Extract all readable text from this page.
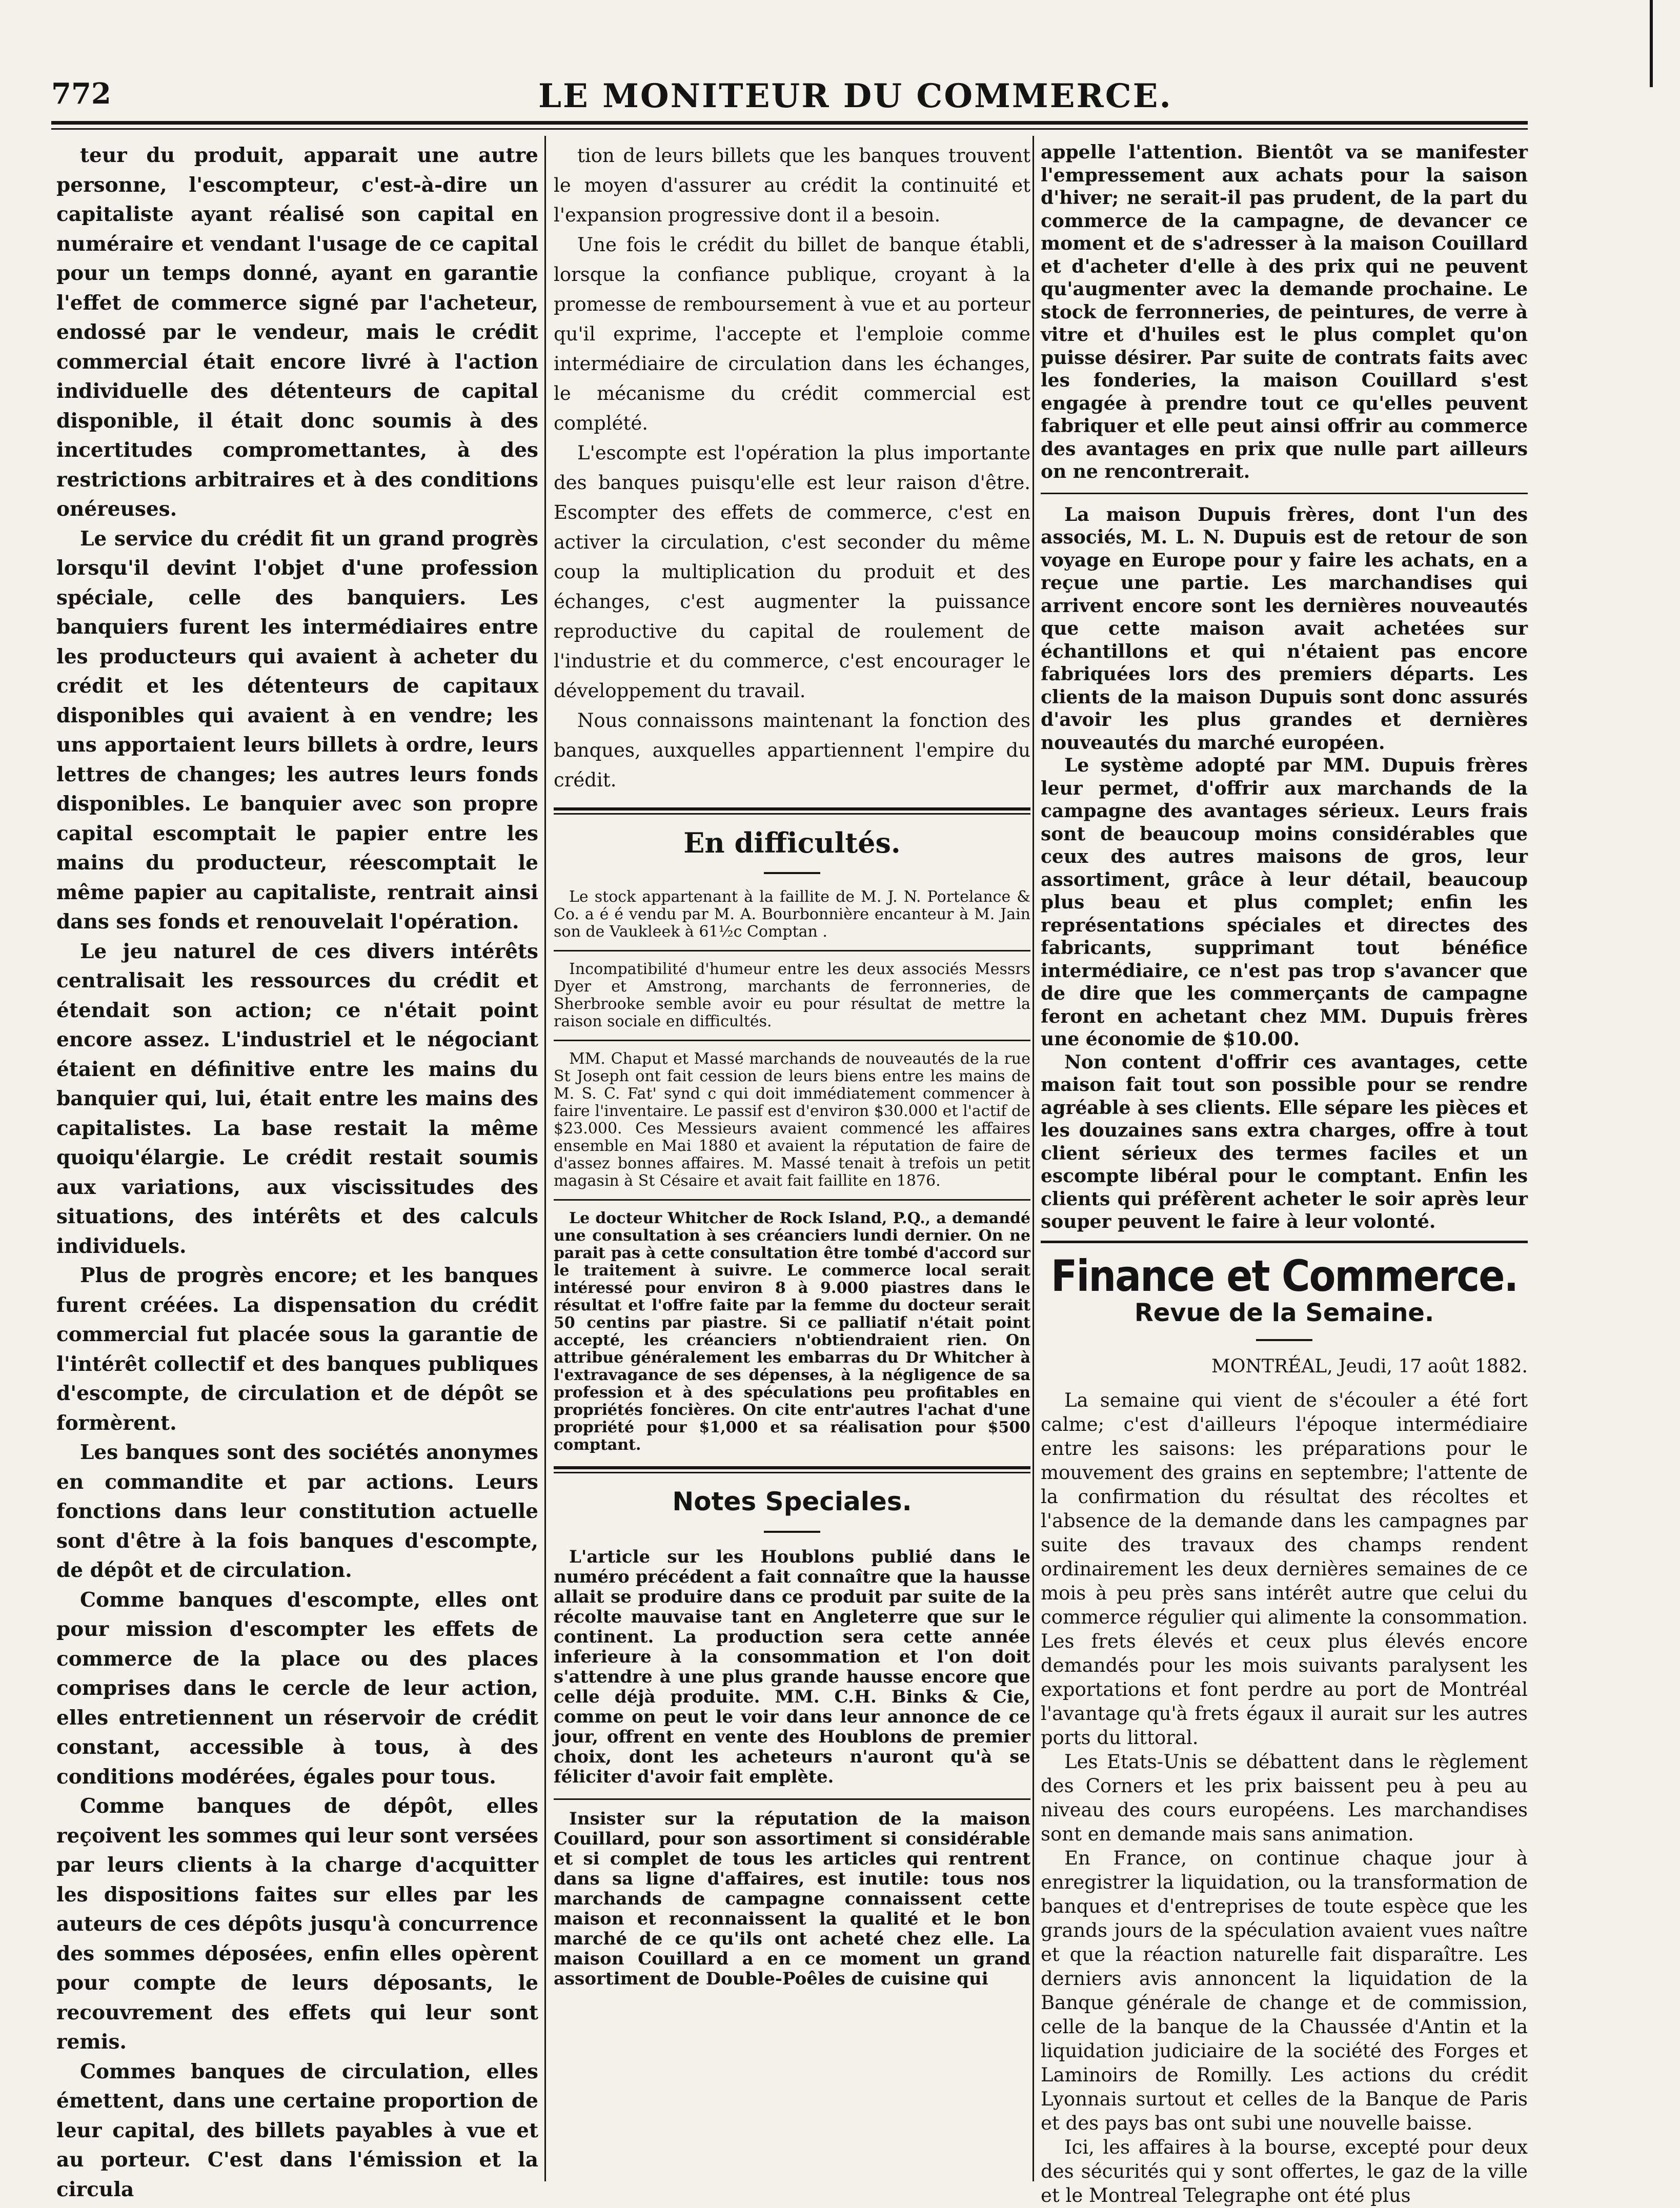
772	LE MONITEUR DU COMMERCE.

teur du produit, apparait une autre personne, l'escompteur, c'est-à-dire un capitaliste ayant réalisé son capital en numéraire et vendant l'usage de ce capital pour un temps donné, ayant en garantie l'effet de commerce signé par l'acheteur, endossé par le vendeur, mais le crédit commercial était encore livré à l'action individuelle des détenteurs de capital disponible, il était donc soumis à des incertitudes compromettantes, à des restrictions arbitraires et à des conditions onéreuses.

Le service du crédit fit un grand progrès lorsqu'il devint l'objet d'une profession spéciale, celle des banquiers. Les banquiers furent les intermédiaires entre les producteurs qui avaient à acheter du crédit et les détenteurs de capitaux disponibles qui avaient à en vendre; les uns apportaient leurs billets à ordre, leurs lettres de changes; les autres leurs fonds disponibles. Le banquier avec son propre capital escomptait le papier entre les mains du producteur, réescomptait le même papier au capitaliste, rentrait ainsi dans ses fonds et renouvelait l'opération.

Le jeu naturel de ces divers intérêts centralisait les ressources du crédit et étendait son action; ce n'était point encore assez. L'industriel et le négociant étaient en définitive entre les mains du banquier qui, lui, était entre les mains des capitalistes. La base restait la même quoiqu'élargie. Le crédit restait soumis aux variations, aux viscissitudes des situations, des intérêts et des calculs individuels.

Plus de progrès encore; et les banques furent créées. La dispensation du crédit commercial fut placée sous la garantie de l'intérêt collectif et des banques publiques d'escompte, de circulation et de dépôt se formèrent.

Les banques sont des sociétés anonymes en commandite et par actions. Leurs fonctions dans leur constitution actuelle sont d'être à la fois banques d'escompte, de dépôt et de circulation.

Comme banques d'escompte, elles ont pour mission d'escompter les effets de commerce de la place ou des places comprises dans le cercle de leur action, elles entretiennent un réservoir de crédit constant, accessible à tous, à des conditions modérées, égales pour tous.

Comme banques de dépôt, elles reçoivent les sommes qui leur sont versées par leurs clients à la charge d'acquitter les dispositions faites sur elles par les auteurs de ces dépôts jusqu'à concurrence des sommes déposées, enfin elles opèrent pour compte de leurs déposants, le recouvrement des effets qui leur sont remis.

Commes banques de circulation, elles émettent, dans une certaine proportion de leur capital, des billets payables à vue et au porteur. C'est dans l'émission et la circula

tion de leurs billets que les banques trouvent le moyen d'assurer au crédit la continuité et l'expansion progressive dont il a besoin.

Une fois le crédit du billet de banque établi, lorsque la confiance publique, croyant à la promesse de remboursement à vue et au porteur qu'il exprime, l'accepte et l'emploie comme intermédiaire de circulation dans les échanges, le mécanisme du crédit commercial est complété.

L'escompte est l'opération la plus importante des banques puisqu'elle est leur raison d'être. Escompter des effets de commerce, c'est en activer la circulation, c'est seconder du même coup la multiplication du produit et des échanges, c'est augmenter la puissance reproductive du capital de roulement de l'industrie et du commerce, c'est encourager le développement du travail.

Nous connaissons maintenant la fonction des banques, auxquelles appartiennent l'empire du crédit.

En difficultés.

Le stock appartenant à la faillite de M. J. N. Portelance & Co. a é é vendu par M. A. Bourbonnière encanteur à M. Jain son de Vaukleek à 61½c Comptan .

Incompatibilité d'humeur entre les deux associés Messrs Dyer et Amstrong, marchants de ferronneries, de Sherbrooke semble avoir eu pour résultat de mettre la raison sociale en difficultés.

MM. Chaput et Massé marchands de nouveautés de la rue St Joseph ont fait cession de leurs biens entre les mains de M. S. C. Fat' synd c qui doit immédiatement commencer à faire l'inventaire. Le passif est d'environ $30.000 et l'actif de $23.000. Ces Messieurs avaient commencé les affaires ensemble en Mai 1880 et avaient la réputation de faire de d'assez bonnes affaires. M. Massé tenait à trefois un petit magasin à St Césaire et avait fait faillite en 1876.

Le docteur Whitcher de Rock Island, P.Q., a demandé une consultation à ses créanciers lundi dernier. On ne parait pas à cette consultation être tombé d'accord sur le traitement à suivre. Le commerce local serait intéressé pour environ 8 à 9.000 piastres dans le résultat et l'offre faite par la femme du docteur serait 50 centins par piastre. Si ce palliatif n'était point accepté, les créanciers n'obtiendraient rien. On attribue généralement les embarras du Dr Whitcher à l'extravagance de ses dépenses, à la négligence de sa profession et à des spéculations peu profitables en propriétés foncières. On cite entr'autres l'achat d'une propriété pour $1,000 et sa réalisation pour $500 comptant.

Notes Speciales.

L'article sur les Houblons publié dans le numéro précédent a fait connaître que la hausse allait se produire dans ce produit par suite de la récolte mauvaise tant en Angleterre que sur le continent. La production sera cette année inferieure à la consommation et l'on doit s'attendre à une plus grande hausse encore que celle déjà produite. MM. C.H. Binks & Cie, comme on peut le voir dans leur annonce de ce jour, offrent en vente des Houblons de premier choix, dont les acheteurs n'auront qu'à se féliciter d'avoir fait emplète.

Insister sur la réputation de la maison Couillard, pour son assortiment si considérable et si complet de tous les articles qui rentrent dans sa ligne d'affaires, est inutile: tous nos marchands de campagne connaissent cette maison et reconnaissent la qualité et le bon marché de ce qu'ils ont acheté chez elle. La maison Couillard a en ce moment un grand assortiment de Double-Poêles de cuisine qui

appelle l'attention. Bientôt va se manifester l'empressement aux achats pour la saison d'hiver; ne serait-il pas prudent, de la part du commerce de la campagne, de devancer ce moment et de s'adresser à la maison Couillard et d'acheter d'elle à des prix qui ne peuvent qu'augmenter avec la demande prochaine. Le stock de ferronneries, de peintures, de verre à vitre et d'huiles est le plus complet qu'on puisse désirer. Par suite de contrats faits avec les fonderies, la maison Couillard s'est engagée à prendre tout ce qu'elles peuvent fabriquer et elle peut ainsi offrir au commerce des avantages en prix que nulle part ailleurs on ne rencontrerait.

La maison Dupuis frères, dont l'un des associés, M. L. N. Dupuis est de retour de son voyage en Europe pour y faire les achats, en a reçue une partie. Les marchandises qui arrivent encore sont les dernières nouveautés que cette maison avait achetées sur échantillons et qui n'étaient pas encore fabriquées lors des premiers départs. Les clients de la maison Dupuis sont donc assurés d'avoir les plus grandes et dernières nouveautés du marché européen.

Le système adopté par MM. Dupuis frères leur permet, d'offrir aux marchands de la campagne des avantages sérieux. Leurs frais sont de beaucoup moins considérables que ceux des autres maisons de gros, leur assortiment, grâce à leur détail, beaucoup plus beau et plus complet; enfin les représentations spéciales et directes des fabricants, supprimant tout bénéfice intermédiaire, ce n'est pas trop s'avancer que de dire que les commerçants de campagne feront en achetant chez MM. Dupuis frères une économie de $10.00.

Non content d'offrir ces avantages, cette maison fait tout son possible pour se rendre agréable à ses clients. Elle sépare les pièces et les douzaines sans extra charges, offre à tout client sérieux des termes faciles et un escompte libéral pour le comptant. Enfin les clients qui préfèrent acheter le soir après leur souper peuvent le faire à leur volonté.

Finance et Commerce.
Revue de la Semaine.
MONTRÉAL, Jeudi, 17 août 1882.

La semaine qui vient de s'écouler a été fort calme; c'est d'ailleurs l'époque intermédiaire entre les saisons: les préparations pour le mouvement des grains en septembre; l'attente de la confirmation du résultat des récoltes et l'absence de la demande dans les campagnes par suite des travaux des champs rendent ordinairement les deux dernières semaines de ce mois à peu près sans intérêt autre que celui du commerce régulier qui alimente la consommation. Les frets élevés et ceux plus élevés encore demandés pour les mois suivants paralysent les exportations et font perdre au port de Montréal l'avantage qu'à frets égaux il aurait sur les autres ports du littoral.

Les Etats-Unis se débattent dans le règlement des Corners et les prix baissent peu à peu au niveau des cours européens. Les marchandises sont en demande mais sans animation.

En France, on continue chaque jour à enregistrer la liquidation, ou la transformation de banques et d'entreprises de toute espèce que les grands jours de la spéculation avaient vues naître et que la réaction naturelle fait disparaître. Les derniers avis annoncent la liquidation de la Banque générale de change et de commission, celle de la banque de la Chaussée d'Antin et la liquidation judiciaire de la société des Forges et Laminoirs de Romilly. Les actions du crédit Lyonnais surtout et celles de la Banque de Paris et des pays bas ont subi une nouvelle baisse.

Ici, les affaires à la bourse, excepté pour deux des sécurités qui y sont offertes, le gaz de la ville et le Montreal Telegraphe ont été plus
